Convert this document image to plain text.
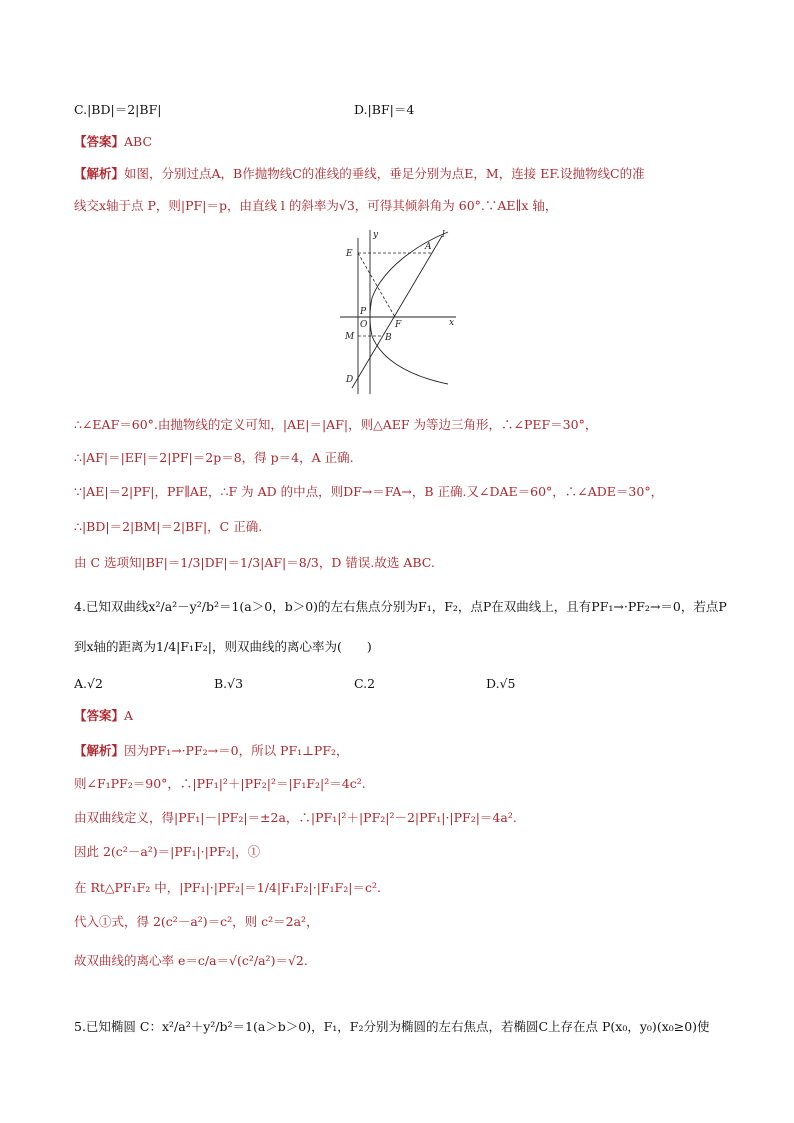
C.|BD|＝2|BF|	D.|BF|＝4
【答案】ABC
【解析】如图，分别过点A，B作抛物线C的准线的垂线，垂足分别为点E，M，连接 EF.设抛物线C的准
线交x轴于点 P，则|PF|＝p，由直线 l 的斜率为√3，可得其倾斜角为 60°.∵AE∥x 轴，
y
x
l
A
E
P
O	F
M	B
D
∴∠EAF＝60°.由抛物线的定义可知，|AE|＝|AF|，则△AEF 为等边三角形，∴∠PEF＝30°，
∴|AF|＝|EF|＝2|PF|＝2p＝8，得 p＝4，A 正确.
∵|AE|＝2|PF|，PF∥AE，∴F 为 AD 的中点，则DF→＝FA→，B 正确.又∠DAE＝60°，∴∠ADE＝30°，
∴|BD|＝2|BM|＝2|BF|，C 正确.
由 C 选项知|BF|＝1/3|DF|＝1/3|AF|＝8/3，D 错误.故选 ABC.
4.已知双曲线x²/a²－y²/b²＝1(a＞0，b＞0)的左右焦点分别为F₁，F₂，点P在双曲线上，且有PF₁→·PF₂→＝0，若点P
到x轴的距离为1/4|F₁F₂|，则双曲线的离心率为(　　)
A.√2	B.√3	C.2	D.√5
【答案】A
【解析】因为PF₁→·PF₂→＝0，所以 PF₁⊥PF₂，
则∠F₁PF₂＝90°，∴|PF₁|²＋|PF₂|²＝|F₁F₂|²＝4c².
由双曲线定义，得|PF₁|－|PF₂|＝±2a，∴|PF₁|²＋|PF₂|²－2|PF₁|·|PF₂|＝4a².
因此 2(c²－a²)＝|PF₁|·|PF₂|，①
在 Rt△PF₁F₂ 中，|PF₁|·|PF₂|＝1/4|F₁F₂|·|F₁F₂|＝c².
代入①式，得 2(c²－a²)＝c²，则 c²＝2a²，
故双曲线的离心率 e＝c/a＝√(c²/a²)＝√2.
5.已知椭圆 C：x²/a²＋y²/b²＝1(a＞b＞0)，F₁，F₂分别为椭圆的左右焦点，若椭圆C上存在点 P(x₀，y₀)(x₀≥0)使
